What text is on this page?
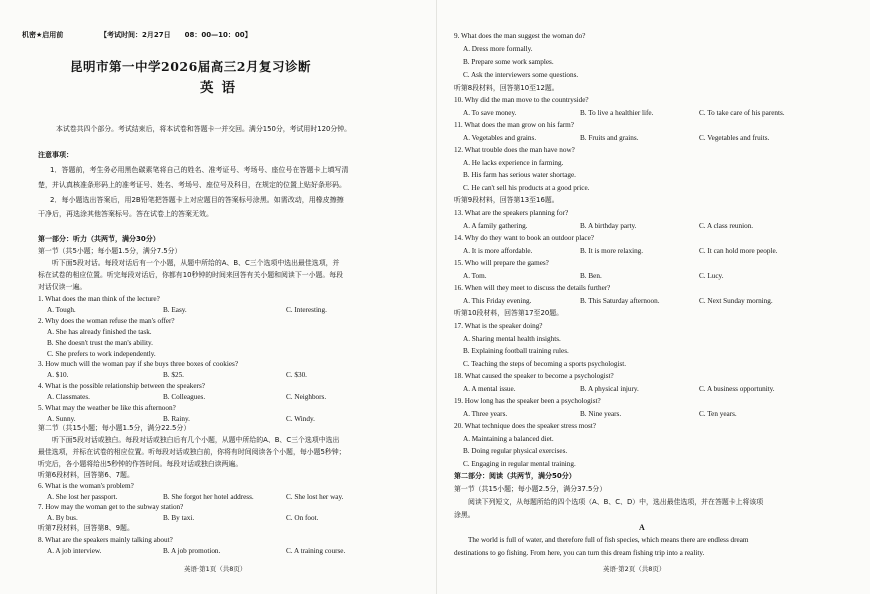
机密★启用前	【考试时间：2月27日　　08：00—10：00】
昆明市第一中学2026届高三2月复习诊断
英语
本试卷共四个部分。考试结束后，将本试卷和答题卡一并交回。满分150分，考试用时120分钟。
注意事项：
1．答题前，考生务必用黑色碳素笔将自己的姓名、准考证号、考场号、座位号在答题卡上填写清
楚，并认真核准条形码上的准考证号、姓名、考场号、座位号及科目，在规定的位置上贴好条形码。
2．每小题选出答案后，用2B铅笔把答题卡上对应题目的答案标号涂黑。如需改动，用橡皮擦擦
干净后，再选涂其他答案标号。答在试卷上的答案无效。
第一部分：听力（共两节，满分30分）
第一节（共5小题；每小题1.5分，满分7.5分）
听下面5段对话。每段对话后有一个小题，从题中所给的A、B、C三个选项中选出最佳选项，并
标在试卷的相应位置。听完每段对话后，你都有10秒钟的时间来回答有关小题和阅读下一小题。每段
对话仅读一遍。
1. What does the man think of the lecture?
A. Tough.	B. Easy.	C. Interesting.
2. Why does the woman refuse the man's offer?
A. She has already finished the task.
B. She doesn't trust the man's ability.
C. She prefers to work independently.
3. How much will the woman pay if she buys three boxes of cookies?
A. $10.	B. $25.	C. $30.
4. What is the possible relationship between the speakers?
A. Classmates.	B. Colleagues.	C. Neighbors.
5. What may the weather be like this afternoon?
A. Sunny.	B. Rainy.	C. Windy.
第二节（共15小题；每小题1.5分，满分22.5分）
听下面5段对话或独白。每段对话或独白后有几个小题，从题中所给的A、B、C三个选项中选出
最佳选项，并标在试卷的相应位置。听每段对话或独白前，你将有时间阅读各个小题，每小题5秒钟；
听完后，各小题将给出5秒钟的作答时间。每段对话或独白读两遍。
听第6段材料，回答第6、7题。
6. What is the woman's problem?
A. She lost her passport.	B. She forgot her hotel address.	C. She lost her way.
7. How may the woman get to the subway station?
A. By bus.	B. By taxi.	C. On foot.
听第7段材料，回答第8、9题。
8. What are the speakers mainly talking about?
A. A job interview.	B. A job promotion.	C. A training course.
英语·第1页（共8页）
9. What does the man suggest the woman do?
A. Dress more formally.
B. Prepare some work samples.
C. Ask the interviewers some questions.
听第8段材料，回答第10至12题。
10. Why did the man move to the countryside?
A. To save money.	B. To live a healthier life.	C. To take care of his parents.
11. What does the man grow on his farm?
A. Vegetables and grains.	B. Fruits and grains.	C. Vegetables and fruits.
12. What trouble does the man have now?
A. He lacks experience in farming.
B. His farm has serious water shortage.
C. He can't sell his products at a good price.
听第9段材料，回答第13至16题。
13. What are the speakers planning for?
A. A family gathering.	B. A birthday party.	C. A class reunion.
14. Why do they want to book an outdoor place?
A. It is more affordable.	B. It is more relaxing.	C. It can hold more people.
15. Who will prepare the games?
A. Tom.	B. Ben.	C. Lucy.
16. When will they meet to discuss the details further?
A. This Friday evening.	B. This Saturday afternoon.	C. Next Sunday morning.
听第10段材料，回答第17至20题。
17. What is the speaker doing?
A. Sharing mental health insights.
B. Explaining football training rules.
C. Teaching the steps of becoming a sports psychologist.
18. What caused the speaker to become a psychologist?
A. A mental issue.	B. A physical injury.	C. A business opportunity.
19. How long has the speaker been a psychologist?
A. Three years.	B. Nine years.	C. Ten years.
20. What technique does the speaker stress most?
A. Maintaining a balanced diet.
B. Doing regular physical exercises.
C. Engaging in regular mental training.
第二部分：阅读（共两节，满分50分）
第一节（共15小题；每小题2.5分，满分37.5分）
阅读下列短文，从每题所给的四个选项（A、B、C、D）中，选出最佳选项，并在答题卡上将该项
涂黑。
A
The world is full of water, and therefore full of fish species, which means there are endless dream
destinations to go fishing. From here, you can turn this dream fishing trip into a reality.
英语·第2页（共8页）
